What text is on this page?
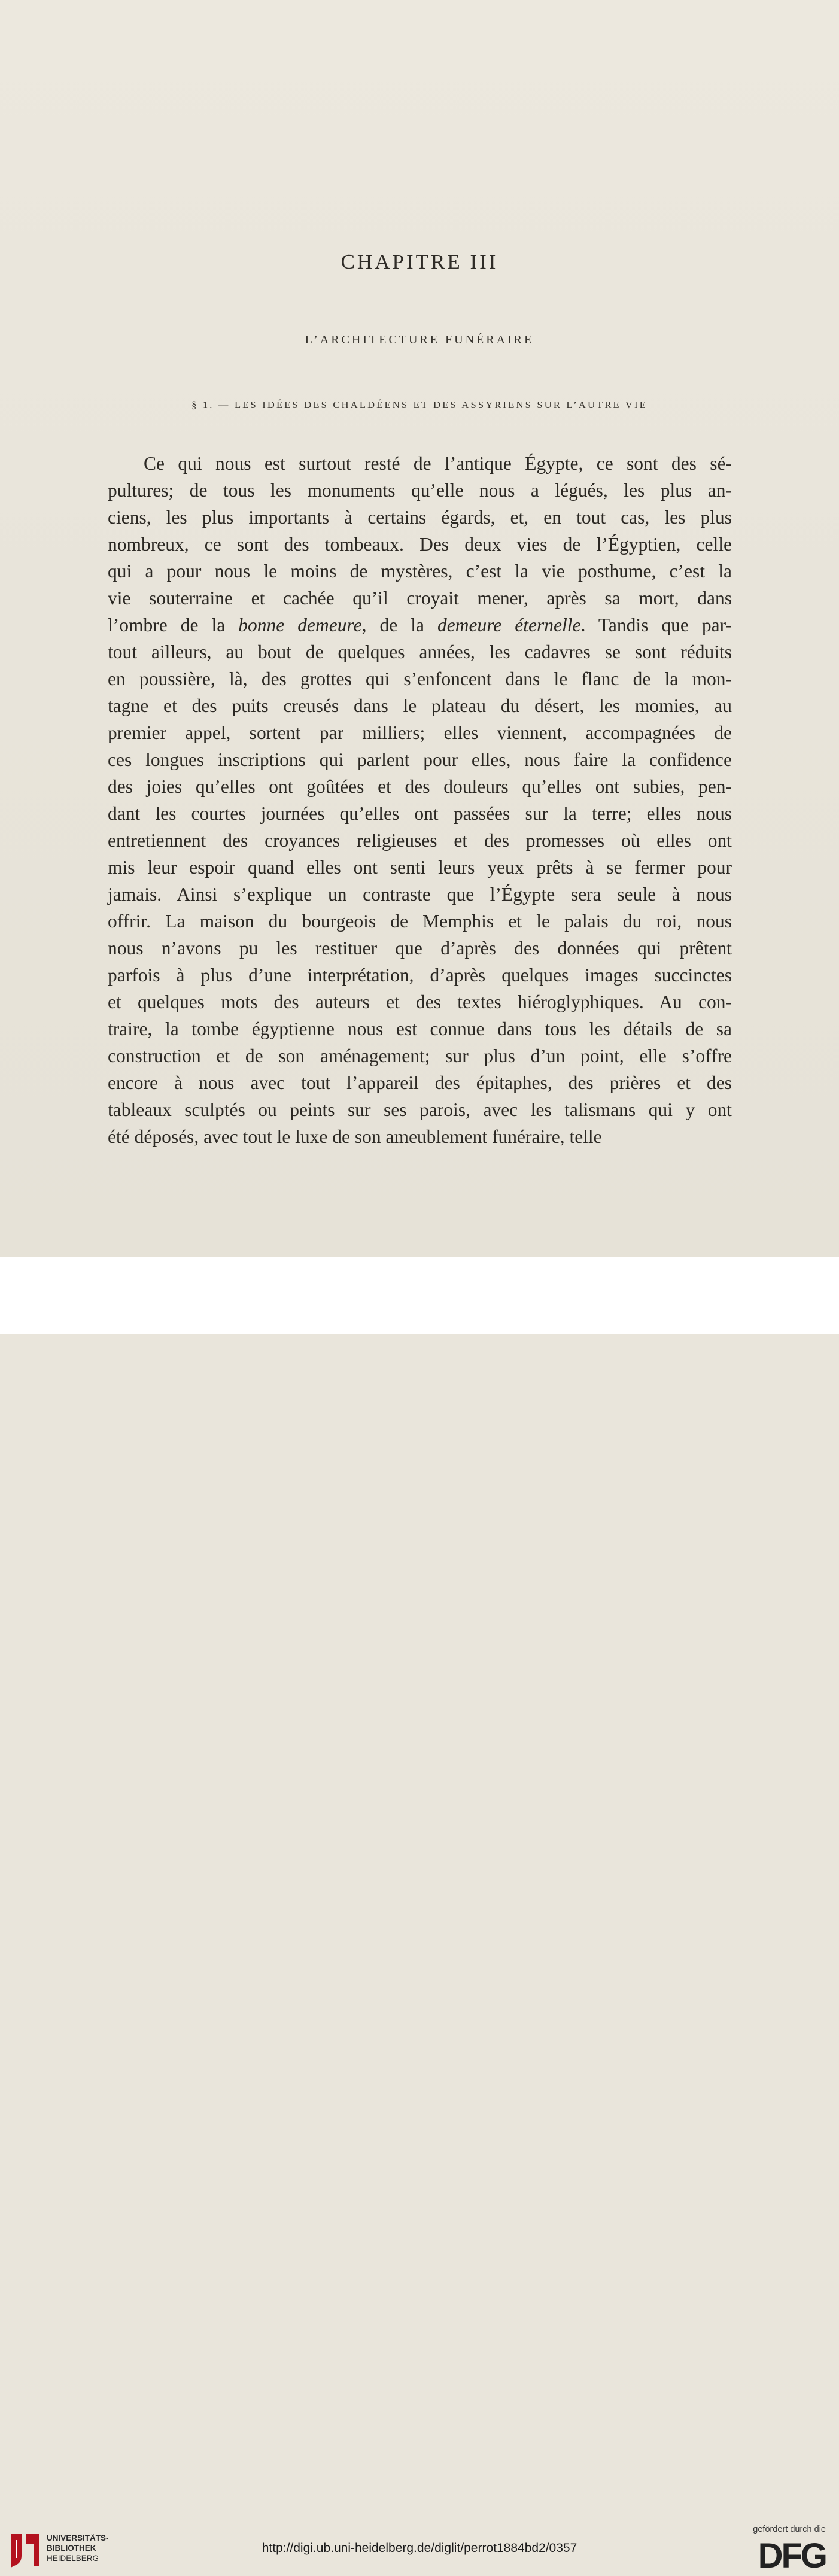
CHAPITRE III
L’ARCHITECTURE FUNÉRAIRE
§ 1. — LES IDÉES DES CHALDÉENS ET DES ASSYRIENS SUR L’AUTRE VIE
Ce qui nous est surtout resté de l’antique Égypte, ce sont des sé-
pultures; de tous les monuments qu’elle nous a légués, les plus an-
ciens, les plus importants à certains égards, et, en tout cas, les plus
nombreux, ce sont des tombeaux. Des deux vies de l’Égyptien, celle
qui a pour nous le moins de mystères, c’est la vie posthume, c’est la
vie souterraine et cachée qu’il croyait mener, après sa mort, dans
l’ombre de la bonne demeure, de la demeure éternelle. Tandis que par-
tout ailleurs, au bout de quelques années, les cadavres se sont réduits
en poussière, là, des grottes qui s’enfoncent dans le flanc de la mon-
tagne et des puits creusés dans le plateau du désert, les momies, au
premier appel, sortent par milliers; elles viennent, accompagnées de
ces longues inscriptions qui parlent pour elles, nous faire la confidence
des joies qu’elles ont goûtées et des douleurs qu’elles ont subies, pen-
dant les courtes journées qu’elles ont passées sur la terre; elles nous
entretiennent des croyances religieuses et des promesses où elles ont
mis leur espoir quand elles ont senti leurs yeux prêts à se fermer pour
jamais. Ainsi s’explique un contraste que l’Égypte sera seule à nous
offrir. La maison du bourgeois de Memphis et le palais du roi, nous
nous n’avons pu les restituer que d’après des données qui prêtent
parfois à plus d’une interprétation, d’après quelques images succinctes
et quelques mots des auteurs et des textes hiéroglyphiques. Au con-
traire, la tombe égyptienne nous est connue dans tous les détails de sa
construction et de son aménagement; sur plus d’un point, elle s’offre
encore à nous avec tout l’appareil des épitaphes, des prières et des
tableaux sculptés ou peints sur ses parois, avec les talismans qui y ont
été déposés, avec tout le luxe de son ameublement funéraire, telle
UNIVERSITÄTS-
BIBLIOTHEK
HEIDELBERG
http://digi.ub.uni-heidelberg.de/diglit/perrot1884bd2/0357
gefördert durch die
DFG
